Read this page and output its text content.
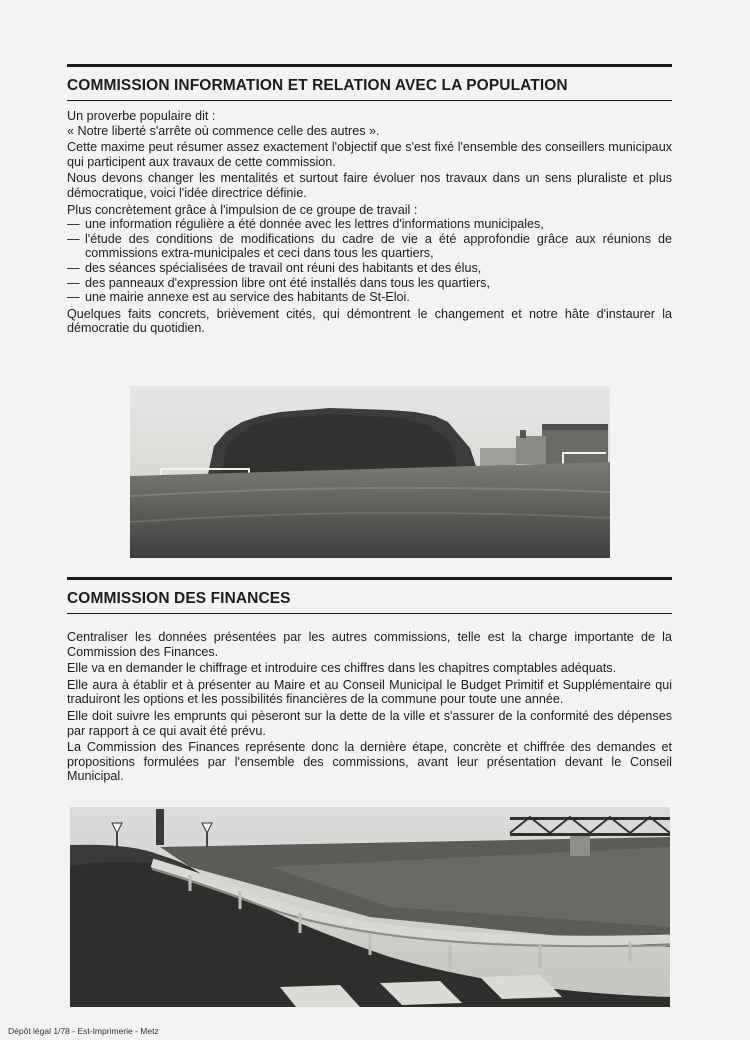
COMMISSION INFORMATION ET RELATION AVEC LA POPULATION

Un proverbe populaire dit :

« Notre liberté s'arrête où commence celle des autres ».

Cette maxime peut résumer assez exactement l'objectif que s'est fixé l'ensemble des conseillers municipaux qui participent aux travaux de cette commission.

Nous devons changer les mentalités et surtout faire évoluer nos travaux dans un sens pluraliste et plus démocratique, voici l'idée directrice définie.

Plus concrètement grâce à l'impulsion de ce groupe de travail :

— une information régulière a été donnée avec les lettres d'informations municipales,
— l'étude des conditions de modifications du cadre de vie a été approfondie grâce aux réunions de commissions extra-municipales et ceci dans tous les quartiers,
— des séances spécialisées de travail ont réuni des habitants et des élus,
— des panneaux d'expression libre ont été installés dans tous les quartiers,
— une mairie annexe est au service des habitants de St-Eloi.

Quelques faits concrets, brièvement cités, qui démontrent le changement et notre hâte d'instaurer la démocratie du quotidien.

COMMISSION DES FINANCES

Centraliser les données présentées par les autres commissions, telle est la charge importante de la Commission des Finances.

Elle va en demander le chiffrage et introduire ces chiffres dans les chapitres comptables adéquats.

Elle aura à établir et à présenter au Maire et au Conseil Municipal le Budget Primitif et Supplémentaire qui traduiront les options et les possibilités financières de la commune pour toute une année.

Elle doit suivre les emprunts qui pèseront sur la dette de la ville et s'assurer de la conformité des dépenses par rapport à ce qui avait été prévu.

La Commission des Finances représente donc la dernière étape, concrète et chiffrée des demandes et propositions formulées par l'ensemble des commissions, avant leur présentation devant le Conseil Municipal.

Dépôt légal 1/78 - Est-Imprimerie - Metz
